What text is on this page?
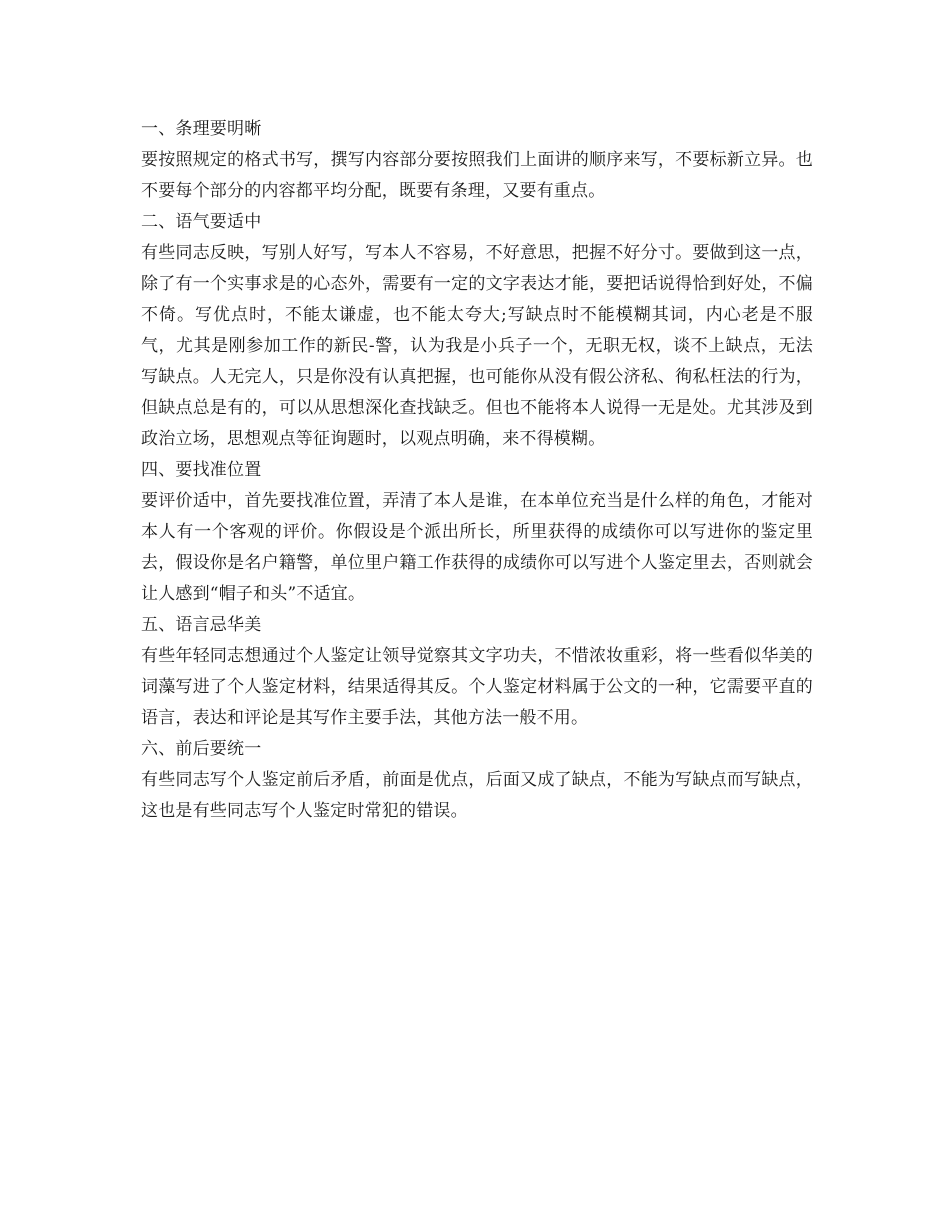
一、条理要明晰

要按照规定的格式书写，撰写内容部分要按照我们上面讲的顺序来写，不要标新立异。也不要每个部分的内容都平均分配，既要有条理，又要有重点。

二、语气要适中

有些同志反映，写别人好写，写本人不容易，不好意思，把握不好分寸。要做到这一点，除了有一个实事求是的心态外，需要有一定的文字表达才能，要把话说得恰到好处，不偏不倚。写优点时，不能太谦虚，也不能太夸大;写缺点时不能模糊其词，内心老是不服气，尤其是刚参加工作的新民-警，认为我是小兵子一个，无职无权，谈不上缺点，无法写缺点。人无完人，只是你没有认真把握，也可能你从没有假公济私、徇私枉法的行为，但缺点总是有的，可以从思想深化查找缺乏。但也不能将本人说得一无是处。尤其涉及到政治立场，思想观点等征询题时，以观点明确，来不得模糊。

四、要找准位置

要评价适中，首先要找准位置，弄清了本人是谁，在本单位充当是什么样的角色，才能对本人有一个客观的评价。你假设是个派出所长，所里获得的成绩你可以写进你的鉴定里去，假设你是名户籍警，单位里户籍工作获得的成绩你可以写进个人鉴定里去，否则就会让人感到“帽子和头”不适宜。

五、语言忌华美

有些年轻同志想通过个人鉴定让领导觉察其文字功夫，不惜浓妆重彩，将一些看似华美的词藻写进了个人鉴定材料，结果适得其反。个人鉴定材料属于公文的一种，它需要平直的语言，表达和评论是其写作主要手法，其他方法一般不用。

六、前后要统一

有些同志写个人鉴定前后矛盾，前面是优点，后面又成了缺点，不能为写缺点而写缺点，这也是有些同志写个人鉴定时常犯的错误。
